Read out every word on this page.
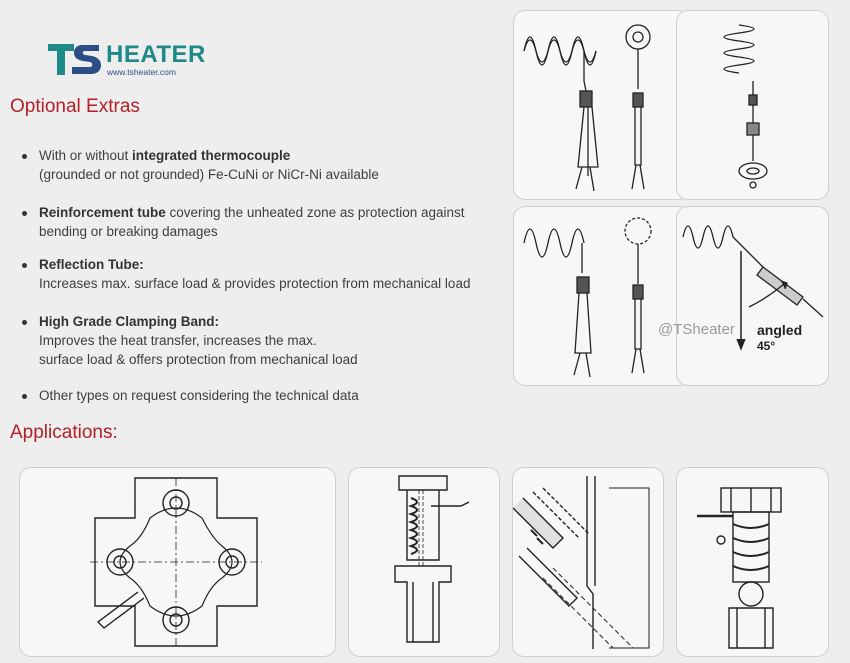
HEATER
www.tsheater.com
Optional Extras
With or without integrated thermocouple
(grounded or not grounded) Fe-CuNi or NiCr-Ni available
Reinforcement tube covering the unheated zone as protection against
bending or breaking damages
Reflection Tube:
Increases max. surface load & provides protection from mechanical load
High Grade Clamping Band:
Improves the heat transfer, increases the max.
surface load & offers protection from mechanical load
Other types on request considering the technical data
Applications:
@TSheater angled
45°
